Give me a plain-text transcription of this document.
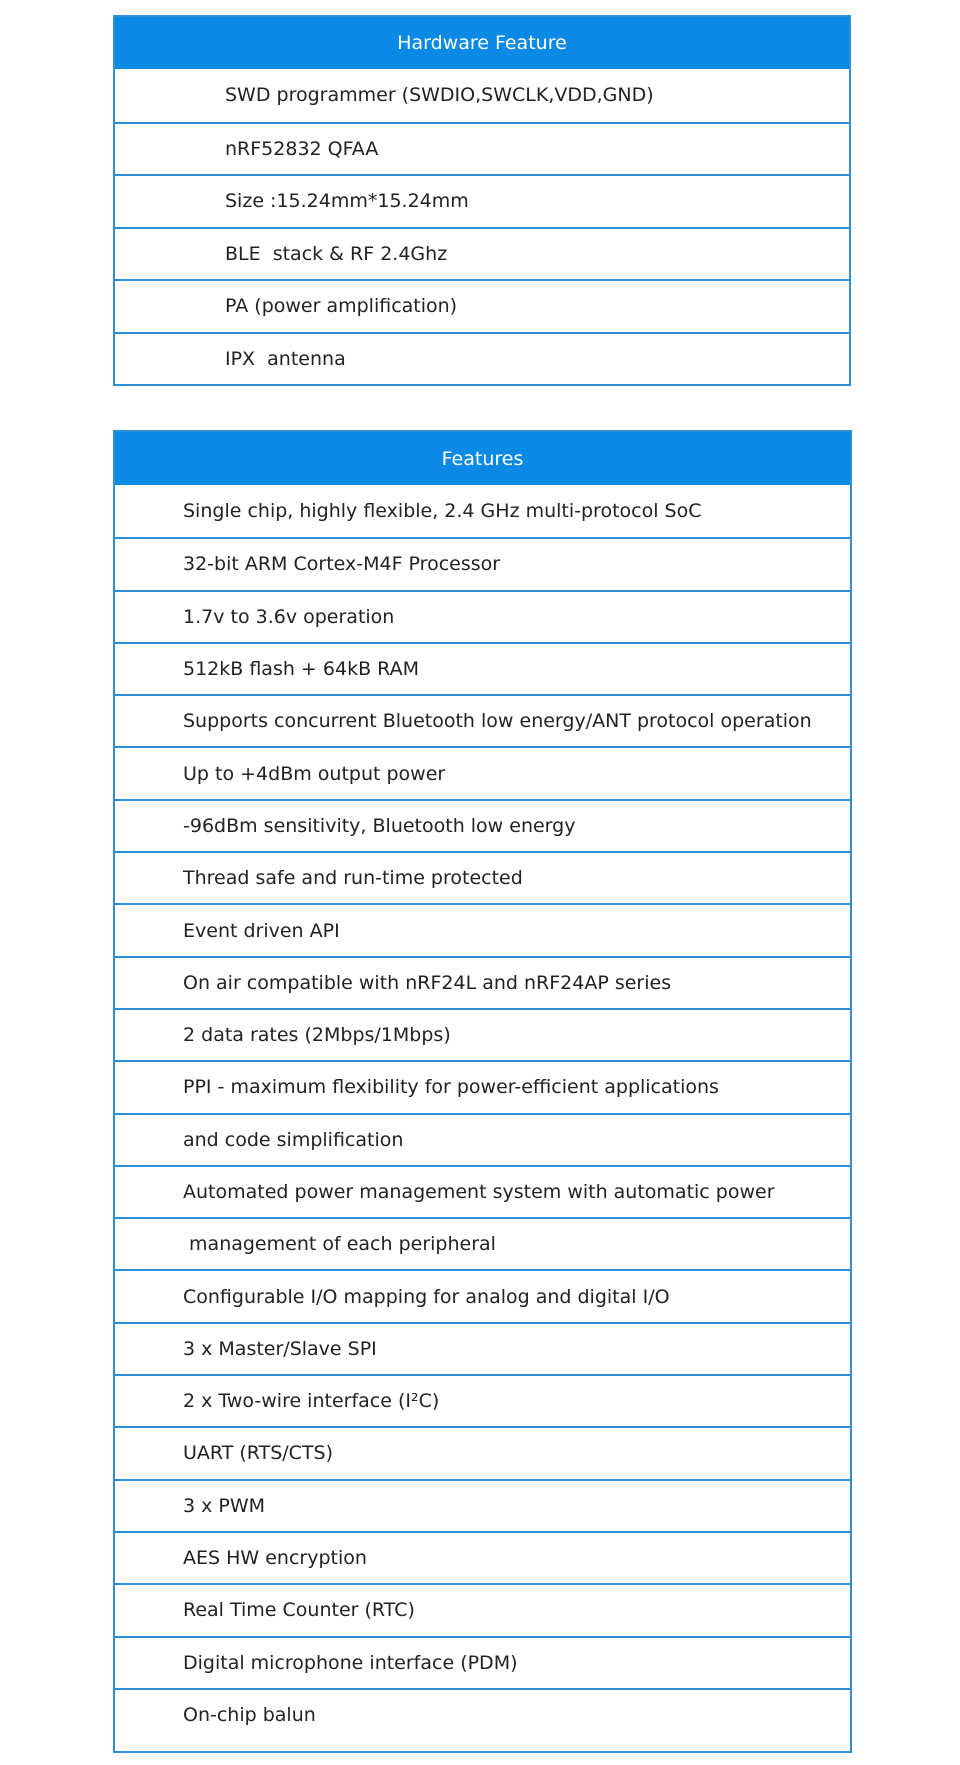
Hardware Feature
SWD programmer (SWDIO,SWCLK,VDD,GND)
nRF52832 QFAA
Size :15.24mm*15.24mm
BLE  stack & RF 2.4Ghz
PA (power amplification)
IPX  antenna
Features
Single chip, highly flexible, 2.4 GHz multi-protocol SoC
32-bit ARM Cortex-M4F Processor
1.7v to 3.6v operation
512kB flash + 64kB RAM
Supports concurrent Bluetooth low energy/ANT protocol operation
Up to +4dBm output power
-96dBm sensitivity, Bluetooth low energy
Thread safe and run-time protected
Event driven API
On air compatible with nRF24L and nRF24AP series
2 data rates (2Mbps/1Mbps)
PPI - maximum flexibility for power-efficient applications
and code simplification
Automated power management system with automatic power
management of each peripheral
Configurable I/O mapping for analog and digital I/O
3 x Master/Slave SPI
2 x Two-wire interface (I²C)
UART (RTS/CTS)
3 x PWM
AES HW encryption
Real Time Counter (RTC)
Digital microphone interface (PDM)
On-chip balun
